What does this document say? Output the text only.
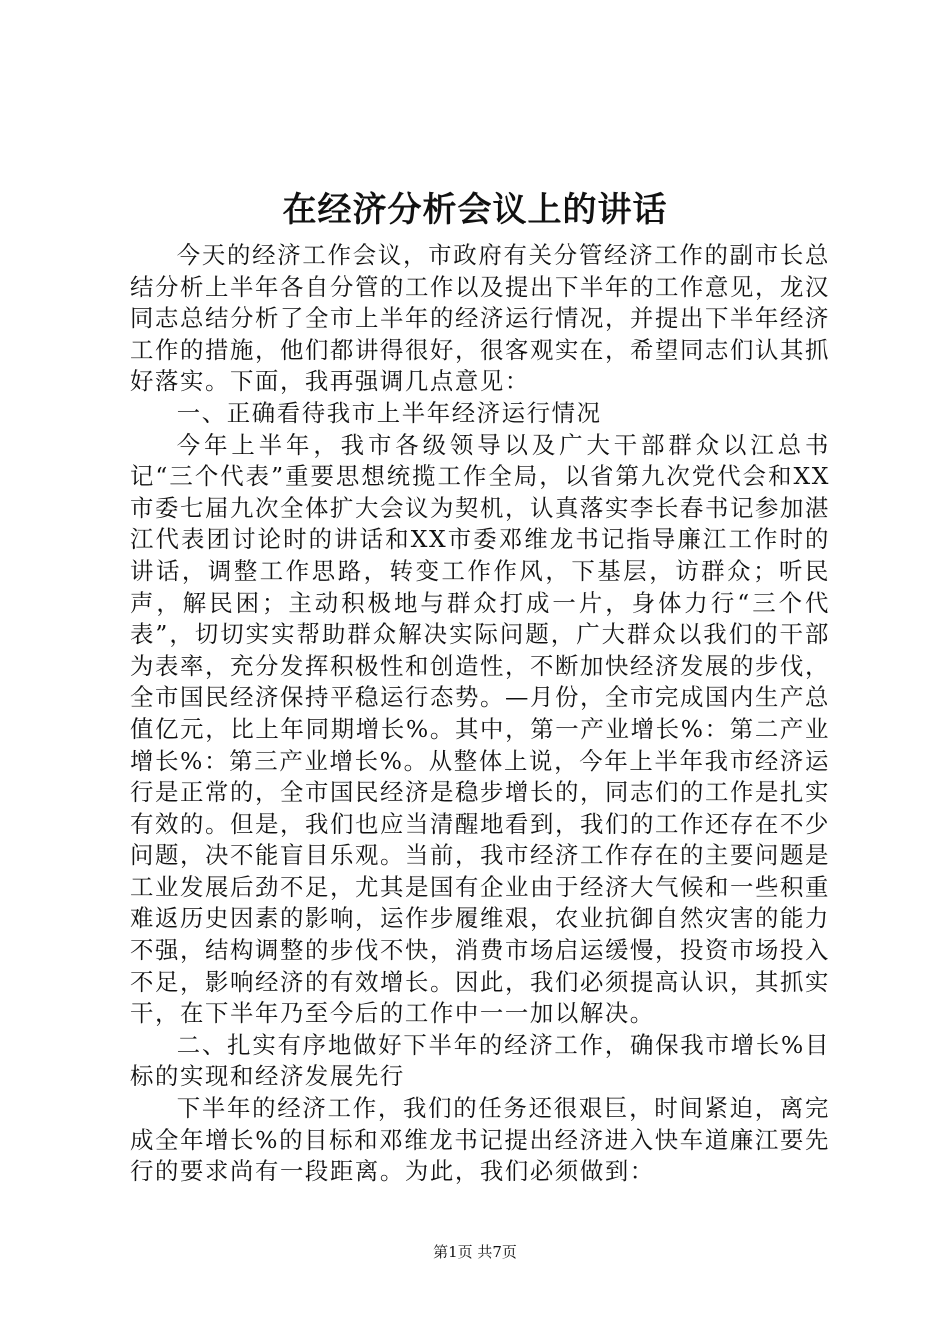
在经济分析会议上的讲话

今天的经济工作会议，市政府有关分管经济工作的副市长总结分析上半年各自分管的工作以及提出下半年的工作意见，龙汉同志总结分析了全市上半年的经济运行情况，并提出下半年经济工作的措施，他们都讲得很好，很客观实在，希望同志们认其抓好落实。下面，我再强调几点意见：

一、正确看待我市上半年经济运行情况

今年上半年，我市各级领导以及广大干部群众以江总书记“三个代表”重要思想统揽工作全局，以省第九次党代会和XX市委七届九次全体扩大会议为契机，认真落实李长春书记参加湛江代表团讨论时的讲话和XX市委邓维龙书记指导廉江工作时的讲话，调整工作思路，转变工作作风，下基层，访群众；听民声，解民困；主动积极地与群众打成一片，身体力行“三个代表”，切切实实帮助群众解决实际问题，广大群众以我们的干部为表率，充分发挥积极性和创造性，不断加快经济发展的步伐，全市国民经济保持平稳运行态势。—月份，全市完成国内生产总值亿元，比上年同期增长%。其中，第一产业增长%：第二产业增长%：第三产业增长%。从整体上说，今年上半年我市经济运行是正常的，全市国民经济是稳步增长的，同志们的工作是扎实有效的。但是，我们也应当清醒地看到，我们的工作还存在不少问题，决不能盲目乐观。当前，我市经济工作存在的主要问题是工业发展后劲不足，尤其是国有企业由于经济大气候和一些积重难返历史因素的影响，运作步履维艰，农业抗御自然灾害的能力不强，结构调整的步伐不快，消费市场启运缓慢，投资市场投入不足，影响经济的有效增长。因此，我们必须提高认识，其抓实干，在下半年乃至今后的工作中一一加以解决。

二、扎实有序地做好下半年的经济工作，确保我市增长%目标的实现和经济发展先行

下半年的经济工作，我们的任务还很艰巨，时间紧迫，离完成全年增长%的目标和邓维龙书记提出经济进入快车道廉江要先行的要求尚有一段距离。为此，我们必须做到：

第1页 共7页
